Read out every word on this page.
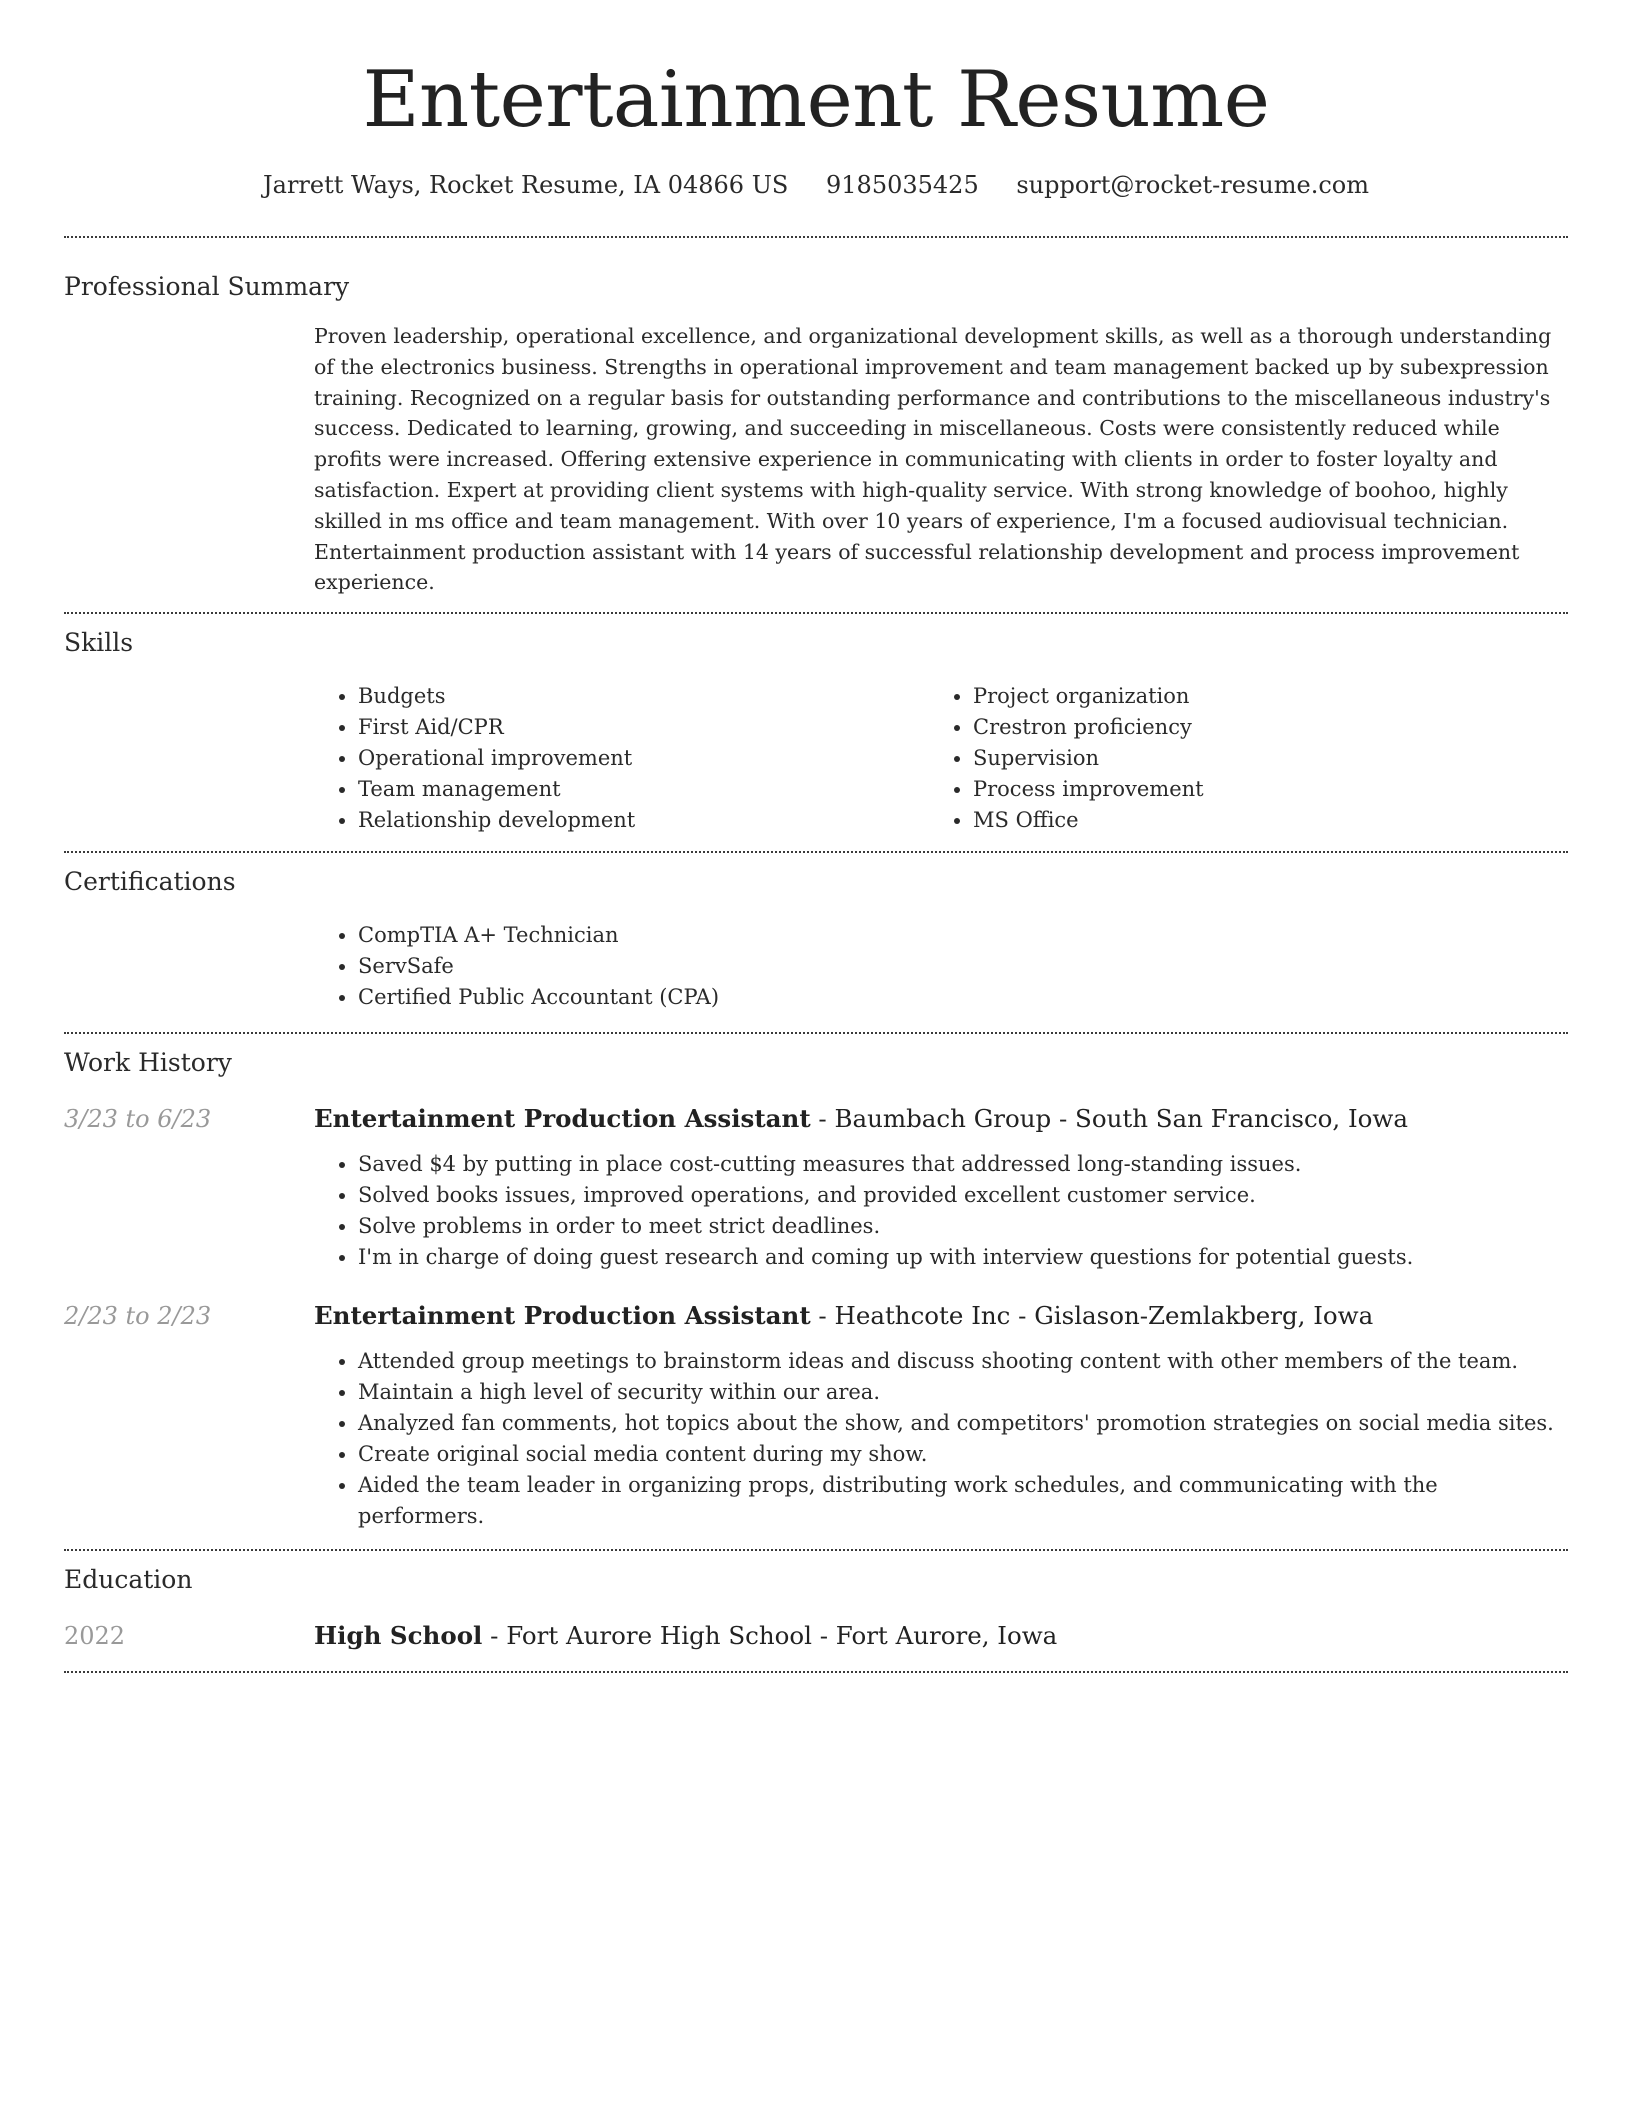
Entertainment Resume
Jarrett Ways, Rocket Resume, IA 04866 US 9185035425 support@rocket-resume.com
Professional Summary

Proven leadership, operational excellence, and organizational development skills, as well as a thorough understanding of the electronics business. Strengths in operational improvement and team management backed up by subexpression training. Recognized on a regular basis for outstanding performance and contributions to the miscellaneous industry's success. Dedicated to learning, growing, and succeeding in miscellaneous. Costs were consistently reduced while profits were increased. Offering extensive experience in communicating with clients in order to foster loyalty and satisfaction. Expert at providing client systems with high-quality service. With strong knowledge of boohoo, highly skilled in ms office and team management. With over 10 years of experience, I'm a focused audiovisual technician. Entertainment production assistant with 14 years of successful relationship development and process improvement experience.

Skills
• Budgets
• First Aid/CPR
• Operational improvement
• Team management
• Relationship development
• Project organization
• Crestron proficiency
• Supervision
• Process improvement
• MS Office
Certifications
• CompTIA A+ Technician
• ServSafe
• Certified Public Accountant (CPA)
Work History
3/23 to 6/23	Entertainment Production Assistant - Baumbach Group - South San Francisco, Iowa
• Saved $4 by putting in place cost-cutting measures that addressed long-standing issues.
• Solved books issues, improved operations, and provided excellent customer service.
• Solve problems in order to meet strict deadlines.
• I'm in charge of doing guest research and coming up with interview questions for potential guests.
2/23 to 2/23	Entertainment Production Assistant - Heathcote Inc - Gislason-Zemlakberg, Iowa
• Attended group meetings to brainstorm ideas and discuss shooting content with other members of the team.
• Maintain a high level of security within our area.
• Analyzed fan comments, hot topics about the show, and competitors' promotion strategies on social media sites.
• Create original social media content during my show.
• Aided the team leader in organizing props, distributing work schedules, and communicating with the performers.
Education
2022	High School - Fort Aurore High School - Fort Aurore, Iowa
